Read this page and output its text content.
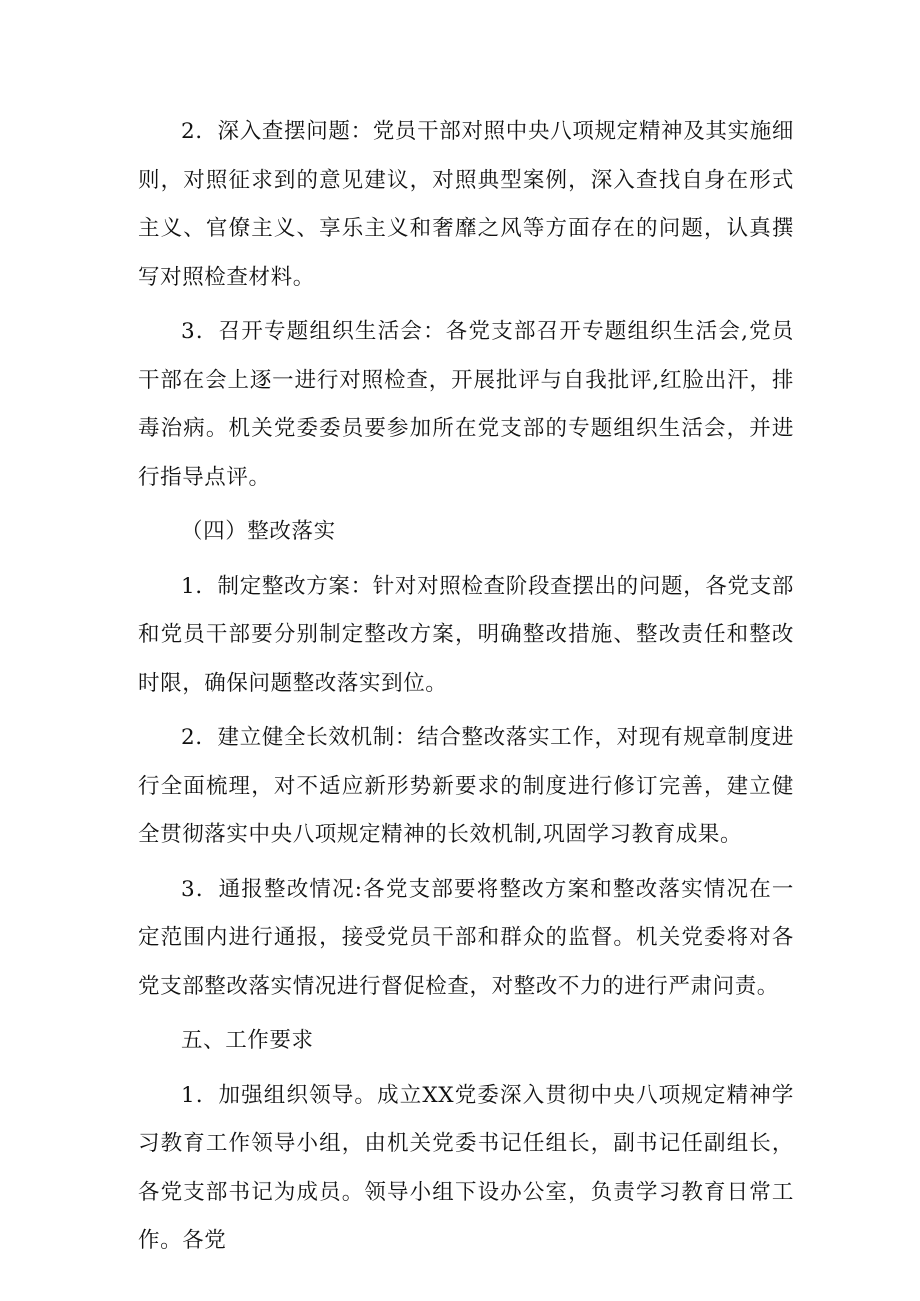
2．深入查摆问题：党员干部对照中央八项规定精神及其实施细则，对照征求到的意见建议，对照典型案例，深入查找自身在形式主义、官僚主义、享乐主义和奢靡之风等方面存在的问题，认真撰写对照检查材料。

3．召开专题组织生活会：各党支部召开专题组织生活会,党员干部在会上逐一进行对照检查，开展批评与自我批评,红脸出汗，排毒治病。机关党委委员要参加所在党支部的专题组织生活会，并进行指导点评。

（四）整改落实

1．制定整改方案：针对对照检查阶段查摆出的问题，各党支部和党员干部要分别制定整改方案，明确整改措施、整改责任和整改时限，确保问题整改落实到位。

2．建立健全长效机制：结合整改落实工作，对现有规章制度进行全面梳理，对不适应新形势新要求的制度进行修订完善，建立健全贯彻落实中央八项规定精神的长效机制,巩固学习教育成果。

3．通报整改情况:各党支部要将整改方案和整改落实情况在一定范围内进行通报，接受党员干部和群众的监督。机关党委将对各党支部整改落实情况进行督促检查，对整改不力的进行严肃问责。

五、工作要求

1．加强组织领导。成立XX党委深入贯彻中央八项规定精神学习教育工作领导小组，由机关党委书记任组长，副书记任副组长，各党支部书记为成员。领导小组下设办公室，负责学习教育日常工作。各党
